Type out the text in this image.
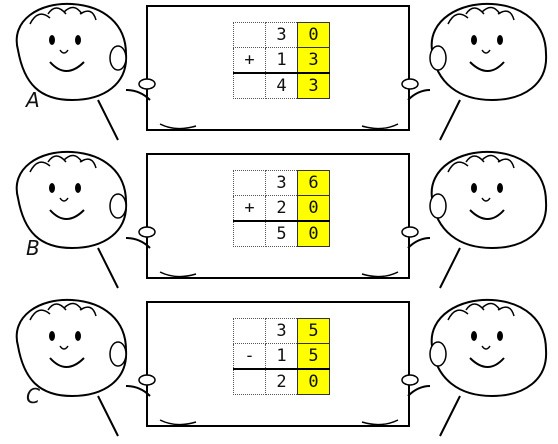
A
	3	0
+	1	3
	4	3
B
	3	6
+	2	0
	5	0
C
	3	5
-	1	5
	2	0
